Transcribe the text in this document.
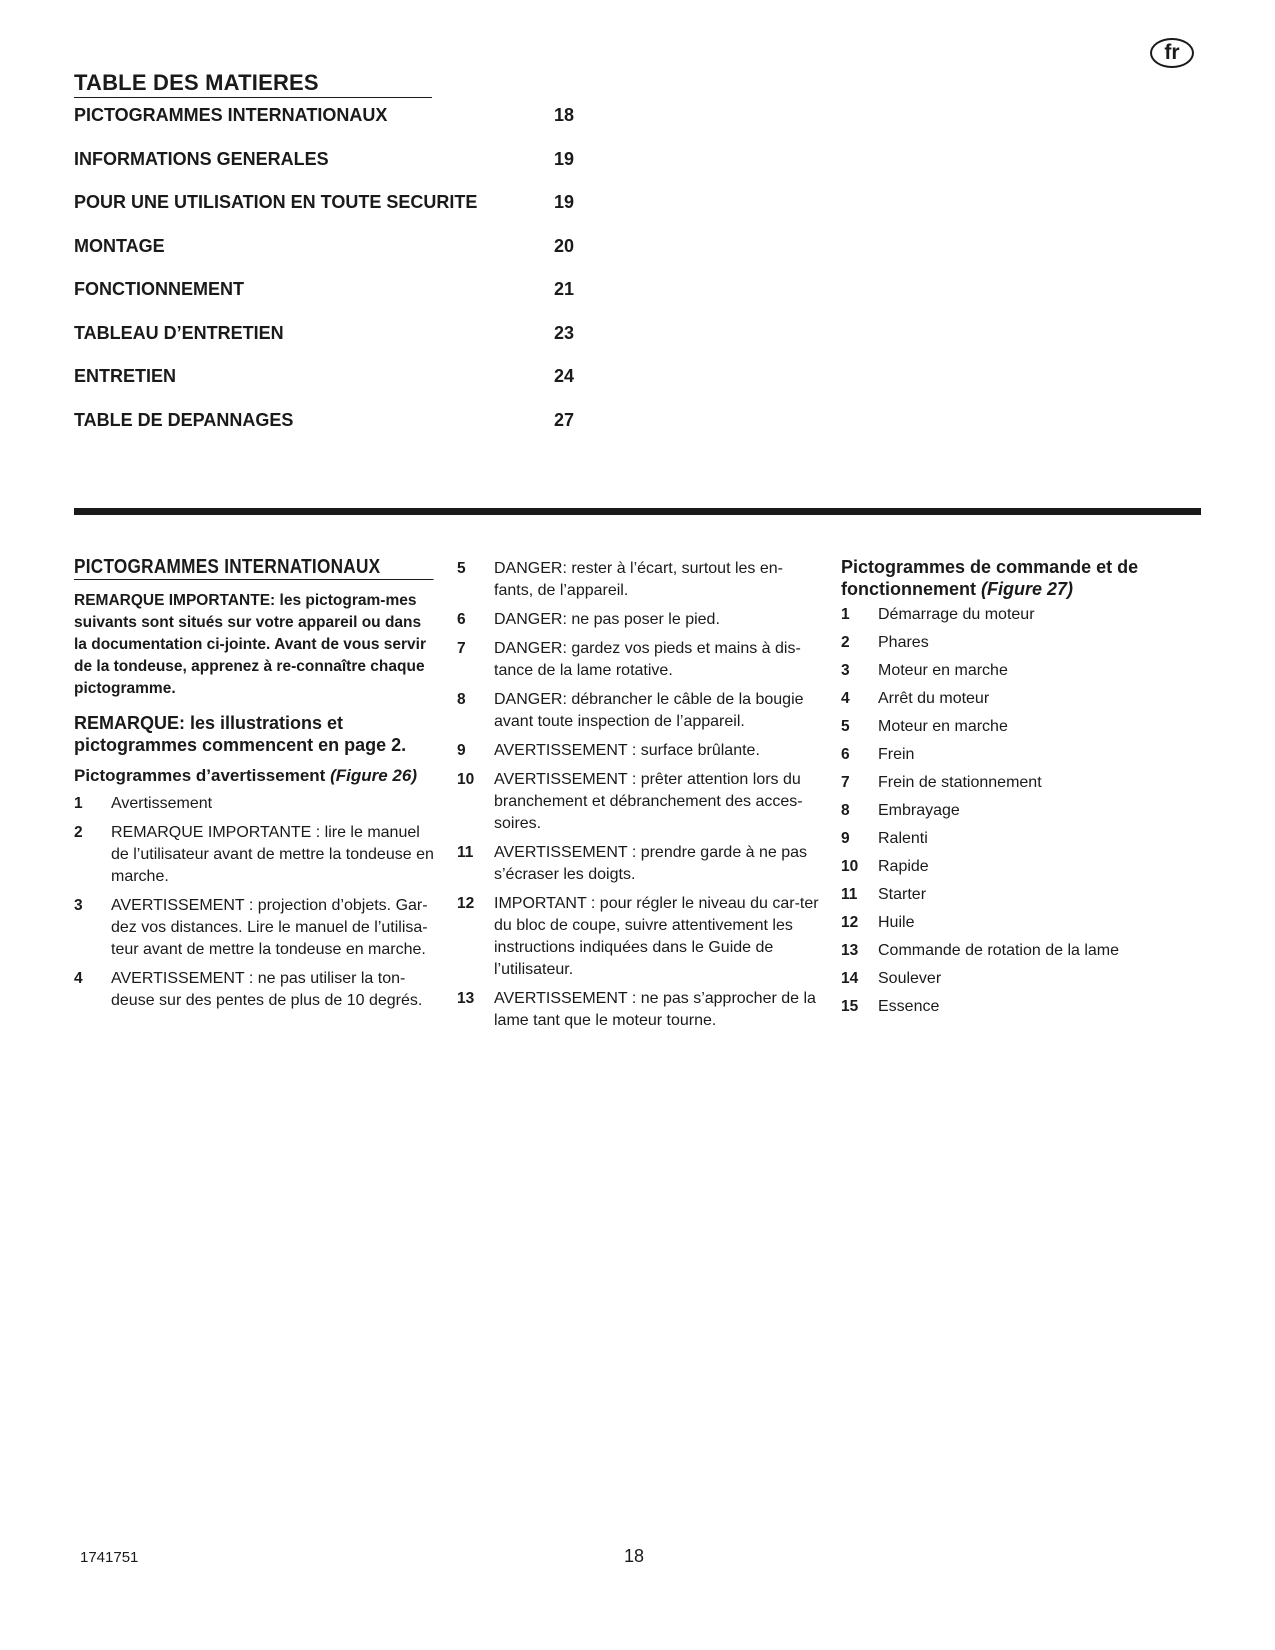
fr
TABLE DES MATIERES
PICTOGRAMMES INTERNATIONAUX	18
INFORMATIONS GENERALES	19
POUR UNE UTILISATION EN TOUTE SECURITE	19
MONTAGE	20
FONCTIONNEMENT	21
TABLEAU D’ENTRETIEN	23
ENTRETIEN	24
TABLE DE DEPANNAGES	27
PICTOGRAMMES INTERNATIONAUX

REMARQUE IMPORTANTE: les pictogram-mes suivants sont situés sur votre appareil ou dans la documentation ci-jointe. Avant de vous servir de la tondeuse, apprenez à re-connaître chaque pictogramme.

REMARQUE: les illustrations et pictogrammes commencent en page 2.

Pictogrammes d’avertissement (Figure 26)

1	Avertissement
2	REMARQUE IMPORTANTE : lire le manuel de l’utilisateur avant de mettre la tondeuse en marche.
3	AVERTISSEMENT : projection d’objets. Gar-dez vos distances. Lire le manuel de l’utilisa-teur avant de mettre la tondeuse en marche.
4	AVERTISSEMENT : ne pas utiliser la ton-deuse sur des pentes de plus de 10 degrés.
5	DANGER: rester à l’écart, surtout les en-fants, de l’appareil.
6	DANGER: ne pas poser le pied.
7	DANGER: gardez vos pieds et mains à dis-tance de la lame rotative.
8	DANGER: débrancher le câble de la bougie avant toute inspection de l’appareil.
9	AVERTISSEMENT : surface brûlante.
10	AVERTISSEMENT : prêter attention lors du branchement et débranchement des acces-soires.
11	AVERTISSEMENT : prendre garde à ne pas s’écraser les doigts.
12	IMPORTANT : pour régler le niveau du car-ter du bloc de coupe, suivre attentivement les instructions indiquées dans le Guide de l’utilisateur.
13	AVERTISSEMENT : ne pas s’approcher de la lame tant que le moteur tourne.

Pictogrammes de commande et de fonctionnement (Figure 27)

1	Démarrage du moteur
2	Phares
3	Moteur en marche
4	Arrêt du moteur
5	Moteur en marche
6	Frein
7	Frein de stationnement
8	Embrayage
9	Ralenti
10	Rapide
11	Starter
12	Huile
13	Commande de rotation de la lame
14	Soulever
15	Essence
1741751	18
